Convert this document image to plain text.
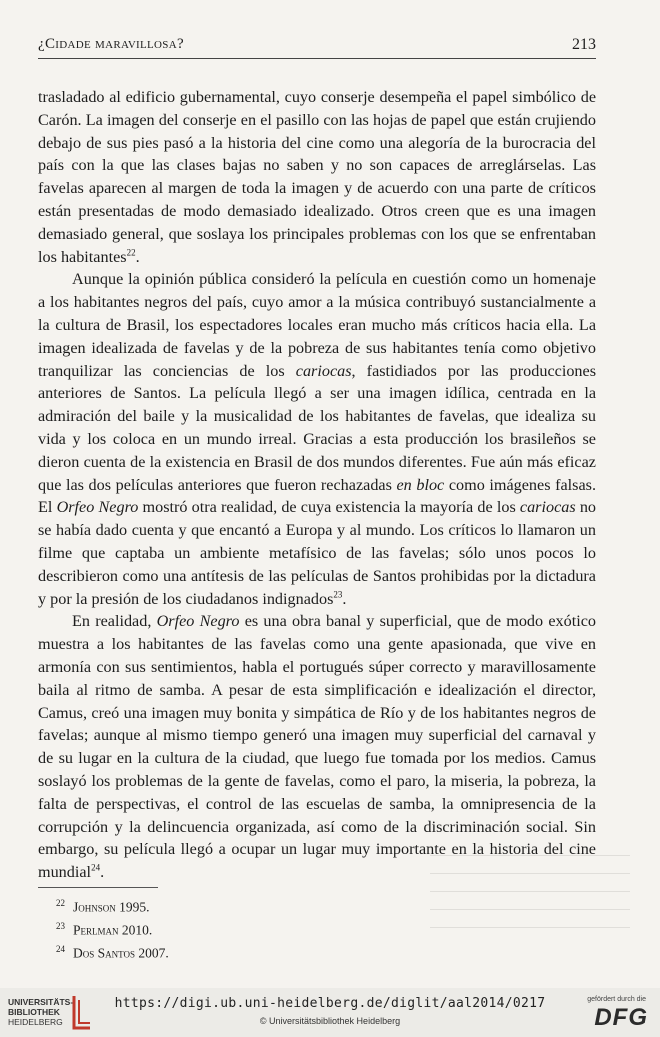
¿Cidade maravillosa?	213

trasladado al edificio gubernamental, cuyo conserje desempeña el papel simbólico de Carón. La imagen del conserje en el pasillo con las hojas de papel que están crujiendo debajo de sus pies pasó a la historia del cine como una alegoría de la burocracia del país con la que las clases bajas no saben y no son capaces de arreglárselas. Las favelas aparecen al margen de toda la imagen y de acuerdo con una parte de críticos están presentadas de modo demasiado idealizado. Otros creen que es una imagen demasiado general, que soslaya los principales problemas con los que se enfrentaban los habitantes$^{22}$.

Aunque la opinión pública consideró la película en cuestión como un homenaje a los habitantes negros del país, cuyo amor a la música contribuyó sustancialmente a la cultura de Brasil, los espectadores locales eran mucho más críticos hacia ella. La imagen idealizada de favelas y de la pobreza de sus habitantes tenía como objetivo tranquilizar las conciencias de los cariocas, fastidiados por las producciones anteriores de Santos. La película llegó a ser una imagen idílica, centrada en la admiración del baile y la musicalidad de los habitantes de favelas, que idealiza su vida y los coloca en un mundo irreal. Gracias a esta producción los brasileños se dieron cuenta de la existencia en Brasil de dos mundos diferentes. Fue aún más eficaz que las dos películas anteriores que fueron rechazadas en bloc como imágenes falsas. El Orfeo Negro mostró otra realidad, de cuya existencia la mayoría de los cariocas no se había dado cuenta y que encantó a Europa y al mundo. Los críticos lo llamaron un filme que captaba un ambiente metafísico de las favelas; sólo unos pocos lo describieron como una antítesis de las películas de Santos prohibidas por la dictadura y por la presión de los ciudadanos indignados$^{23}$.

En realidad, Orfeo Negro es una obra banal y superficial, que de modo exótico muestra a los habitantes de las favelas como una gente apasionada, que vive en armonía con sus sentimientos, habla el portugués súper correcto y maravillosamente baila al ritmo de samba. A pesar de esta simplificación e idealización el director, Camus, creó una imagen muy bonita y simpática de Río y de los habitantes negros de favelas; aunque al mismo tiempo generó una imagen muy superficial del carnaval y de su lugar en la cultura de la ciudad, que luego fue tomada por los medios. Camus soslayó los problemas de la gente de favelas, como el paro, la miseria, la pobreza, la falta de perspectivas, el control de las escuelas de samba, la omnipresencia de la corrupción y la delincuencia organizada, así como de la discriminación social. Sin embargo, su película llegó a ocupar un lugar muy importante en la historia del cine mundial$^{24}$.

$^{22}$ Johnson 1995.
$^{23}$ Perlman 2010.
$^{24}$ Dos Santos 2007.
UNIVERSITÄTS-
BIBLIOTHEK
HEIDELBERG
https://digi.ub.uni-heidelberg.de/diglit/aal2014/0217
© Universitätsbibliothek Heidelberg
gefördert durch die
DFG
